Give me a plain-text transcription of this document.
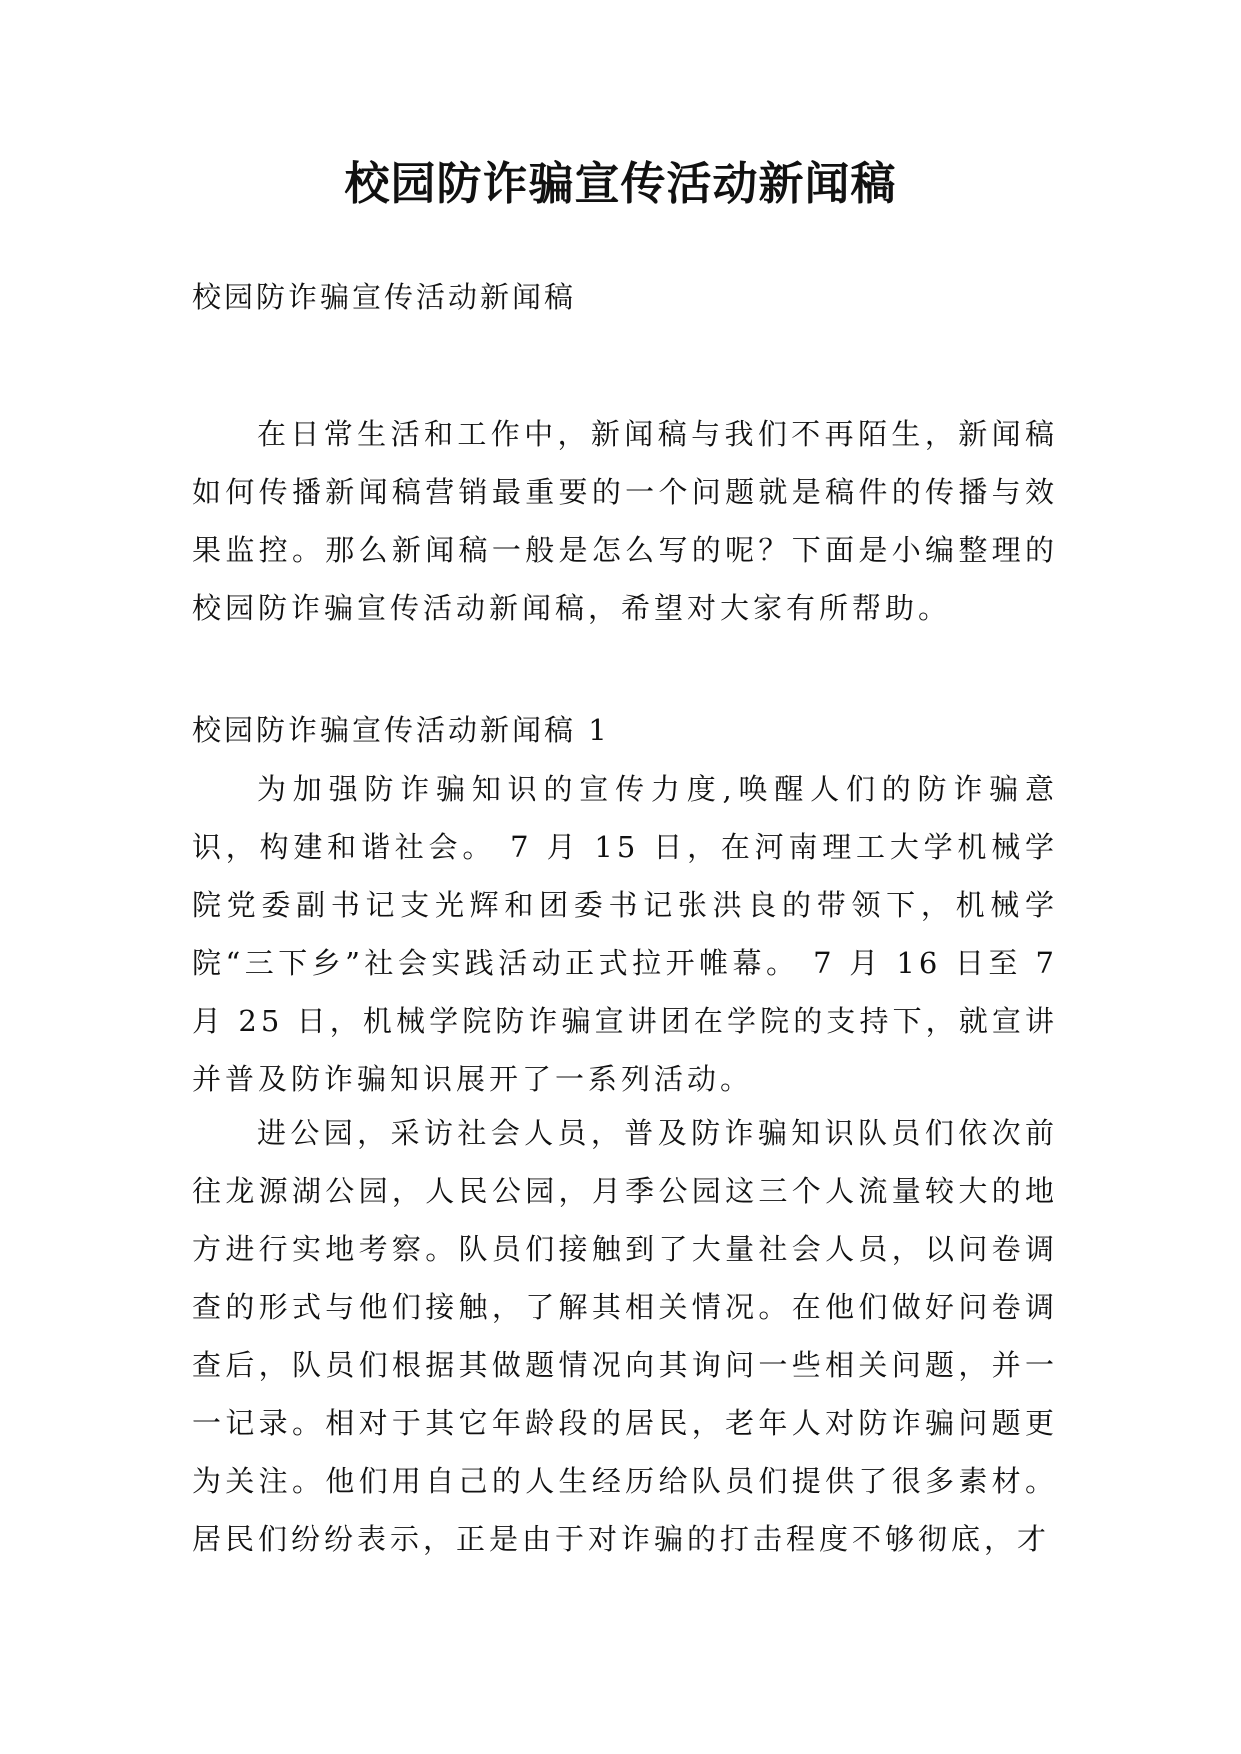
校园防诈骗宣传活动新闻稿

校园防诈骗宣传活动新闻稿

在日常生活和工作中，新闻稿与我们不再陌生，新闻稿如何传播新闻稿营销最重要的一个问题就是稿件的传播与效果监控。那么新闻稿一般是怎么写的呢？下面是小编整理的校园防诈骗宣传活动新闻稿，希望对大家有所帮助。

校园防诈骗宣传活动新闻稿 1

为加强防诈骗知识的宣传力度,唤醒人们的防诈骗意识，构建和谐社会。 7 月 15 日，在河南理工大学机械学院党委副书记支光辉和团委书记张洪良的带领下，机械学院“三下乡”社会实践活动正式拉开帷幕。 7 月 16 日至 7 月 25 日，机械学院防诈骗宣讲团在学院的支持下，就宣讲并普及防诈骗知识展开了一系列活动。

进公园，采访社会人员，普及防诈骗知识队员们依次前往龙源湖公园，人民公园，月季公园这三个人流量较大的地方进行实地考察。队员们接触到了大量社会人员，以问卷调查的形式与他们接触，了解其相关情况。在他们做好问卷调查后，队员们根据其做题情况向其询问一些相关问题，并一一记录。相对于其它年龄段的居民，老年人对防诈骗问题更为关注。他们用自己的人生经历给队员们提供了很多素材。居民们纷纷表示，正是由于对诈骗的打击程度不够彻底，才
